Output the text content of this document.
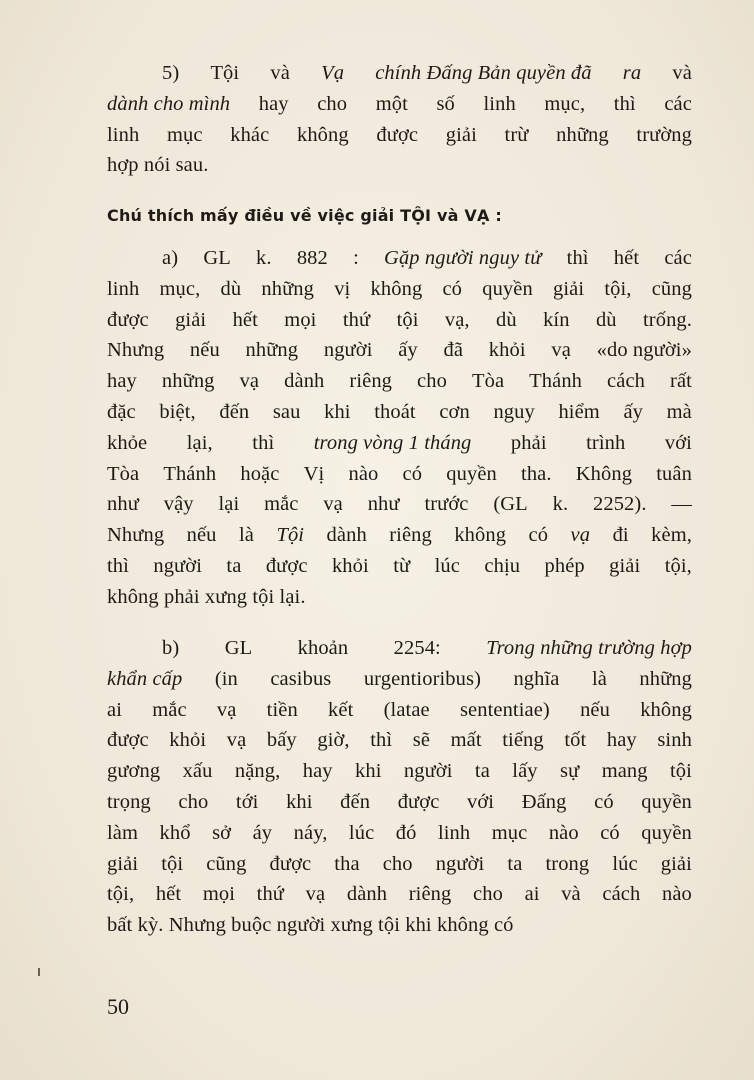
5) Tội và Vạ chính Đấng Bản quyền đã ra và
dành cho mình hay cho một số linh mục, thì các
linh mục khác không được giải trừ những trường
hợp nói sau.
Chú thích mấy điều về việc giải TỘI và VẠ :
a) GL k. 882 : Gặp người nguy tử thì hết các
linh mục, dù những vị không có quyền giải tội, cũng
được giải hết mọi thứ tội vạ, dù kín dù trống.
Nhưng nếu những người ấy đã khỏi vạ «do người»
hay những vạ dành riêng cho Tòa Thánh cách rất
đặc biệt, đến sau khi thoát cơn nguy hiểm ấy mà
khỏe lại, thì trong vòng 1 tháng phải trình với
Tòa Thánh hoặc Vị nào có quyền tha. Không tuân
như vậy lại mắc vạ như trước (GL k. 2252). —
Nhưng nếu là Tội dành riêng không có vạ đi kèm,
thì người ta được khỏi từ lúc chịu phép giải tội,
không phải xưng tội lại.
b) GL khoản 2254: Trong những trường hợp
khẩn cấp (in casibus urgentioribus) nghĩa là những
ai mắc vạ tiền kết (latae sententiae) nếu không
được khỏi vạ bấy giờ, thì sẽ mất tiếng tốt hay sinh
gương xấu nặng, hay khi người ta lấy sự mang tội
trọng cho tới khi đến được với Đấng có quyền
làm khổ sở áy náy, lúc đó linh mục nào có quyền
giải tội cũng được tha cho người ta trong lúc giải
tội, hết mọi thứ vạ dành riêng cho ai và cách nào
bất
kỳ.
Nhưng
buộc
người
xưng
tội
khi
không
có
50
